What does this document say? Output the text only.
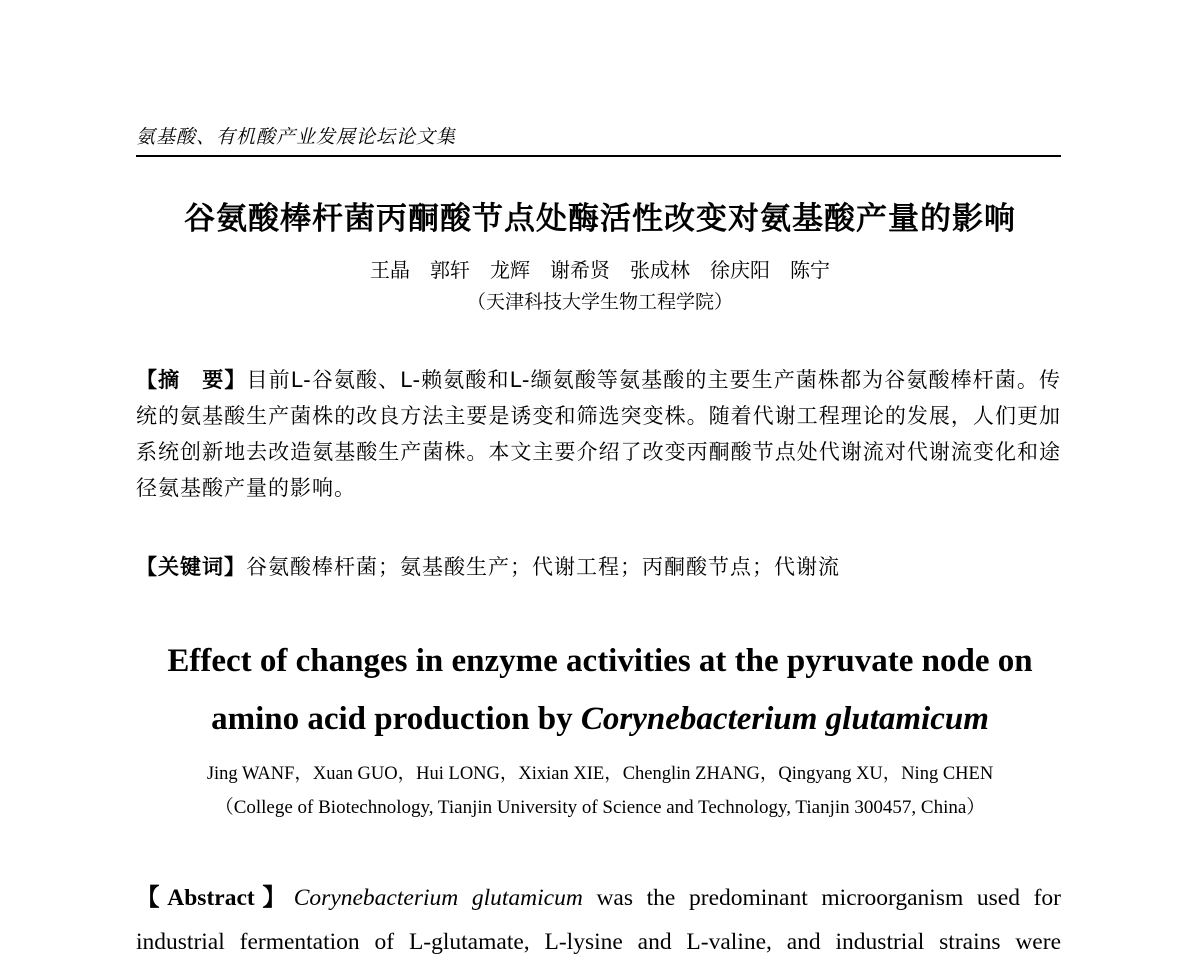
氨基酸、有机酸产业发展论坛论文集
谷氨酸棒杆菌丙酮酸节点处酶活性改变对氨基酸产量的影响
王晶　郭轩　龙辉　谢希贤　张成林　徐庆阳　陈宁
（天津科技大学生物工程学院）
【摘　要】目前L-谷氨酸、L-赖氨酸和L-缬氨酸等氨基酸的主要生产菌株都为谷氨酸棒杆菌。传统的氨基酸生产菌株的改良方法主要是诱变和筛选突变株。随着代谢工程理论的发展，人们更加系统创新地去改造氨基酸生产菌株。本文主要介绍了改变丙酮酸节点处代谢流对代谢流变化和途径氨基酸产量的影响。
【关键词】谷氨酸棒杆菌；氨基酸生产；代谢工程；丙酮酸节点；代谢流
Effect of changes in enzyme activities at the pyruvate node on
amino acid production by Corynebacterium glutamicum
Jing WANF，Xuan GUO，Hui LONG，Xixian XIE，Chenglin ZHANG，Qingyang XU，Ning CHEN
（College of Biotechnology, Tianjin University of Science and Technology, Tianjin 300457, China）
【Abstract】Corynebacterium glutamicum was the predominant microorganism used for
industrial fermentation of L-glutamate, L-lysine and L-valine, and industrial strains were
